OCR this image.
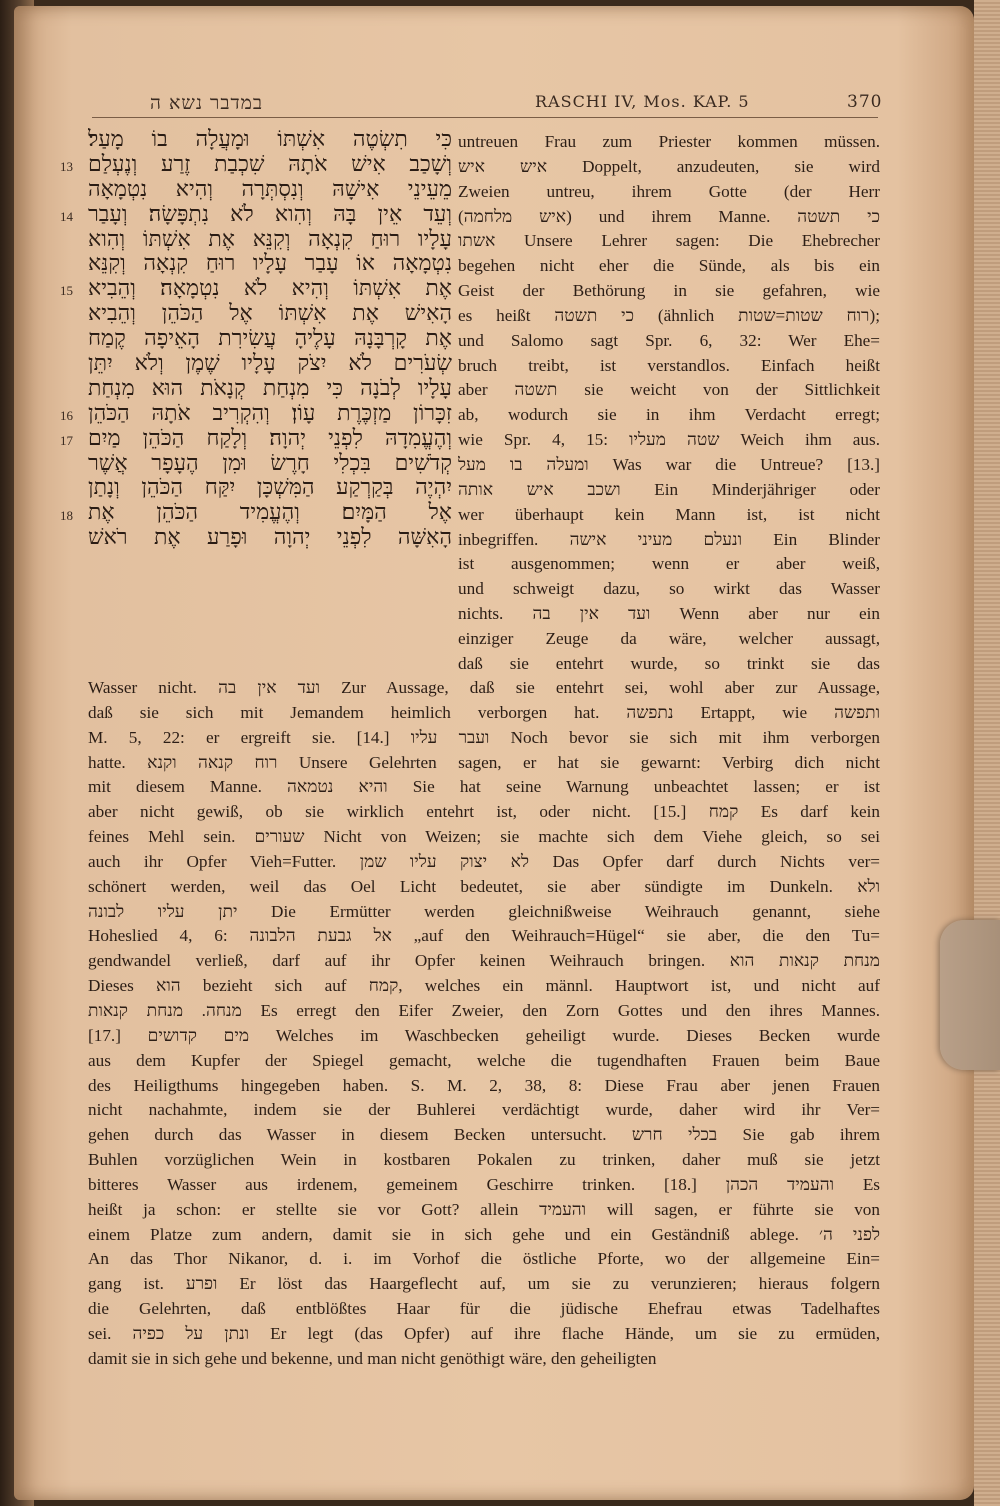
במדבר נשא ה	RASCHI IV, Mos. KAP. 5	370
כִּי תִשְׂטֶה אִשְׁתּוֹ וּמָעֲלָה בוֹ מָעַל׃
וְשָׁכַב אִישׁ אֹתָהּ שִׁכְבַת זֶרַע וְנֶעְלַם
מֵעֵינֵי אִישָׁהּ וְנִסְתְּרָה וְהִיא נִטְמָאָה
וְעֵד אֵין בָּהּ וְהִוא לֹא נִתְפָּשָׂה׃ וְעָבַר
עָלָיו רוּחַ קִנְאָה וְקִנֵּא אֶת אִשְׁתּוֹ וְהִוא
נִטְמָאָה אוֹ עָבַר עָלָיו רוּחַ קִנְאָה וְקִנֵּא
אֶת אִשְׁתּוֹ וְהִיא לֹא נִטְמָאָה׃ וְהֵבִיא
הָאִישׁ אֶת אִשְׁתּוֹ אֶל הַכֹּהֵן וְהֵבִיא
אֶת קָרְבָּנָהּ עָלֶיהָ עֲשִׂירִת הָאֵיפָה קֶמַח
שְׂעֹרִים לֹא יִצֹק עָלָיו שֶׁמֶן וְלֹא יִתֵּן
עָלָיו לְבֹנָה כִּי מִנְחַת קְנָאֹת הוּא מִנְחַת
זִכָּרוֹן מַזְכֶּרֶת עָוֹן׃ וְהִקְרִיב אֹתָהּ הַכֹּהֵן
וְהֶעֱמִדָהּ לִפְנֵי יְהוָה׃ וְלָקַח הַכֹּהֵן מַיִם
קְדֹשִׁים בִּכְלִי חָרֶשׂ וּמִן הֶעָפָר אֲשֶׁר
יִהְיֶה בְּקַרְקַע הַמִּשְׁכָּן יִקַּח הַכֹּהֵן וְנָתַן
אֶל הַמָּיִם׃ וְהֶעֱמִיד הַכֹּהֵן אֶת
הָאִשָּׁה לִפְנֵי יְהוָה וּפָרַע אֶת רֹאשׁ
13
14
15
16
17
18
untreuen Frau zum Priester kommen müssen.
איש איש Doppelt, anzudeuten, sie wird
Zweien untreu, ihrem Gotte (der Herr
(איש מלחמה) und ihrem Manne. כי תשטה
אשתו Unsere Lehrer sagen: Die Ehebrecher
begehen nicht eher die Sünde, als bis ein
Geist der Bethörung in sie gefahren, wie
es heißt כי תשטה (ähnlich רוח שטות=שטות);
und Salomo sagt Spr. 6, 32: Wer Ehe=
bruch treibt, ist verstandlos. Einfach heißt
aber תשטה sie weicht von der Sittlichkeit
ab, wodurch sie in ihm Verdacht erregt;
wie Spr. 4, 15: שטה מעליו Weich ihm aus.
ומעלה בו מעל Was war die Untreue? [13.]
ושכב איש אותה Ein Minderjähriger oder
wer überhaupt kein Mann ist, ist nicht
inbegriffen. ונעלם מעיני אישה Ein Blinder
ist ausgenommen; wenn er aber weiß,
und schweigt dazu, so wirkt das Wasser
nichts. ועד אין בה Wenn aber nur ein
einziger Zeuge da wäre, welcher aussagt,
daß sie entehrt wurde, so trinkt sie das
Wasser nicht. ועד אין בה Zur Aussage, daß sie entehrt sei, wohl aber zur Aussage,
daß sie sich mit Jemandem heimlich verborgen hat. נתפשה Ertappt, wie ותפשה
M. 5, 22: er ergreift sie. [14.] ועבר עליו Noch bevor sie sich mit ihm verborgen
hatte. רוח קנאה וקנא Unsere Gelehrten sagen, er hat sie gewarnt: Verbirg dich nicht
mit diesem Manne. והיא נטמאה Sie hat seine Warnung unbeachtet lassen; er ist
aber nicht gewiß, ob sie wirklich entehrt ist, oder nicht. [15.] קמח Es darf kein
feines Mehl sein. שעורים Nicht von Weizen; sie machte sich dem Viehe gleich, so sei
auch ihr Opfer Vieh=Futter. לא יצוק עליו שמן Das Opfer darf durch Nichts ver=
schönert werden, weil das Oel Licht bedeutet, sie aber sündigte im Dunkeln. ולא
יתן עליו לבונה Die Ermütter werden gleichnißweise Weihrauch genannt, siehe
Hoheslied 4, 6: אל גבעת הלבונה „auf den Weihrauch=Hügel“ sie aber, die den Tu=
gendwandel verließ, darf auf ihr Opfer keinen Weihrauch bringen. מנחת קנאות הוא
Dieses הוא bezieht sich auf קמח, welches ein männl. Hauptwort ist, und nicht auf
מנחה. מנחת קנאות Es erregt den Eifer Zweier, den Zorn Gottes und den ihres Mannes.
[17.] מים קדושים Welches im Waschbecken geheiligt wurde. Dieses Becken wurde
aus dem Kupfer der Spiegel gemacht, welche die tugendhaften Frauen beim Baue
des Heiligthums hingegeben haben. S. M. 2, 38, 8: Diese Frau aber jenen Frauen
nicht nachahmte, indem sie der Buhlerei verdächtigt wurde, daher wird ihr Ver=
gehen durch das Wasser in diesem Becken untersucht. בכלי חרש Sie gab ihrem
Buhlen vorzüglichen Wein in kostbaren Pokalen zu trinken, daher muß sie jetzt
bitteres Wasser aus irdenem, gemeinem Geschirre trinken. [18.] והעמיד הכהן Es
heißt ja schon: er stellte sie vor Gott? allein והעמיד will sagen, er führte sie von
einem Platze zum andern, damit sie in sich gehe und ein Geständniß ablege. לפני ה׳
An das Thor Nikanor, d. i. im Vorhof die östliche Pforte, wo der allgemeine Ein=
gang ist. ופרע Er löst das Haargeflecht auf, um sie zu verunzieren; hieraus folgern
die Gelehrten, daß entblößtes Haar für die jüdische Ehefrau etwas Tadelhaftes
sei. ונתן על כפיה Er legt (das Opfer) auf ihre flache Hände, um sie zu ermüden,
damit sie in sich gehe und bekenne, und man nicht genöthigt wäre, den geheiligten
